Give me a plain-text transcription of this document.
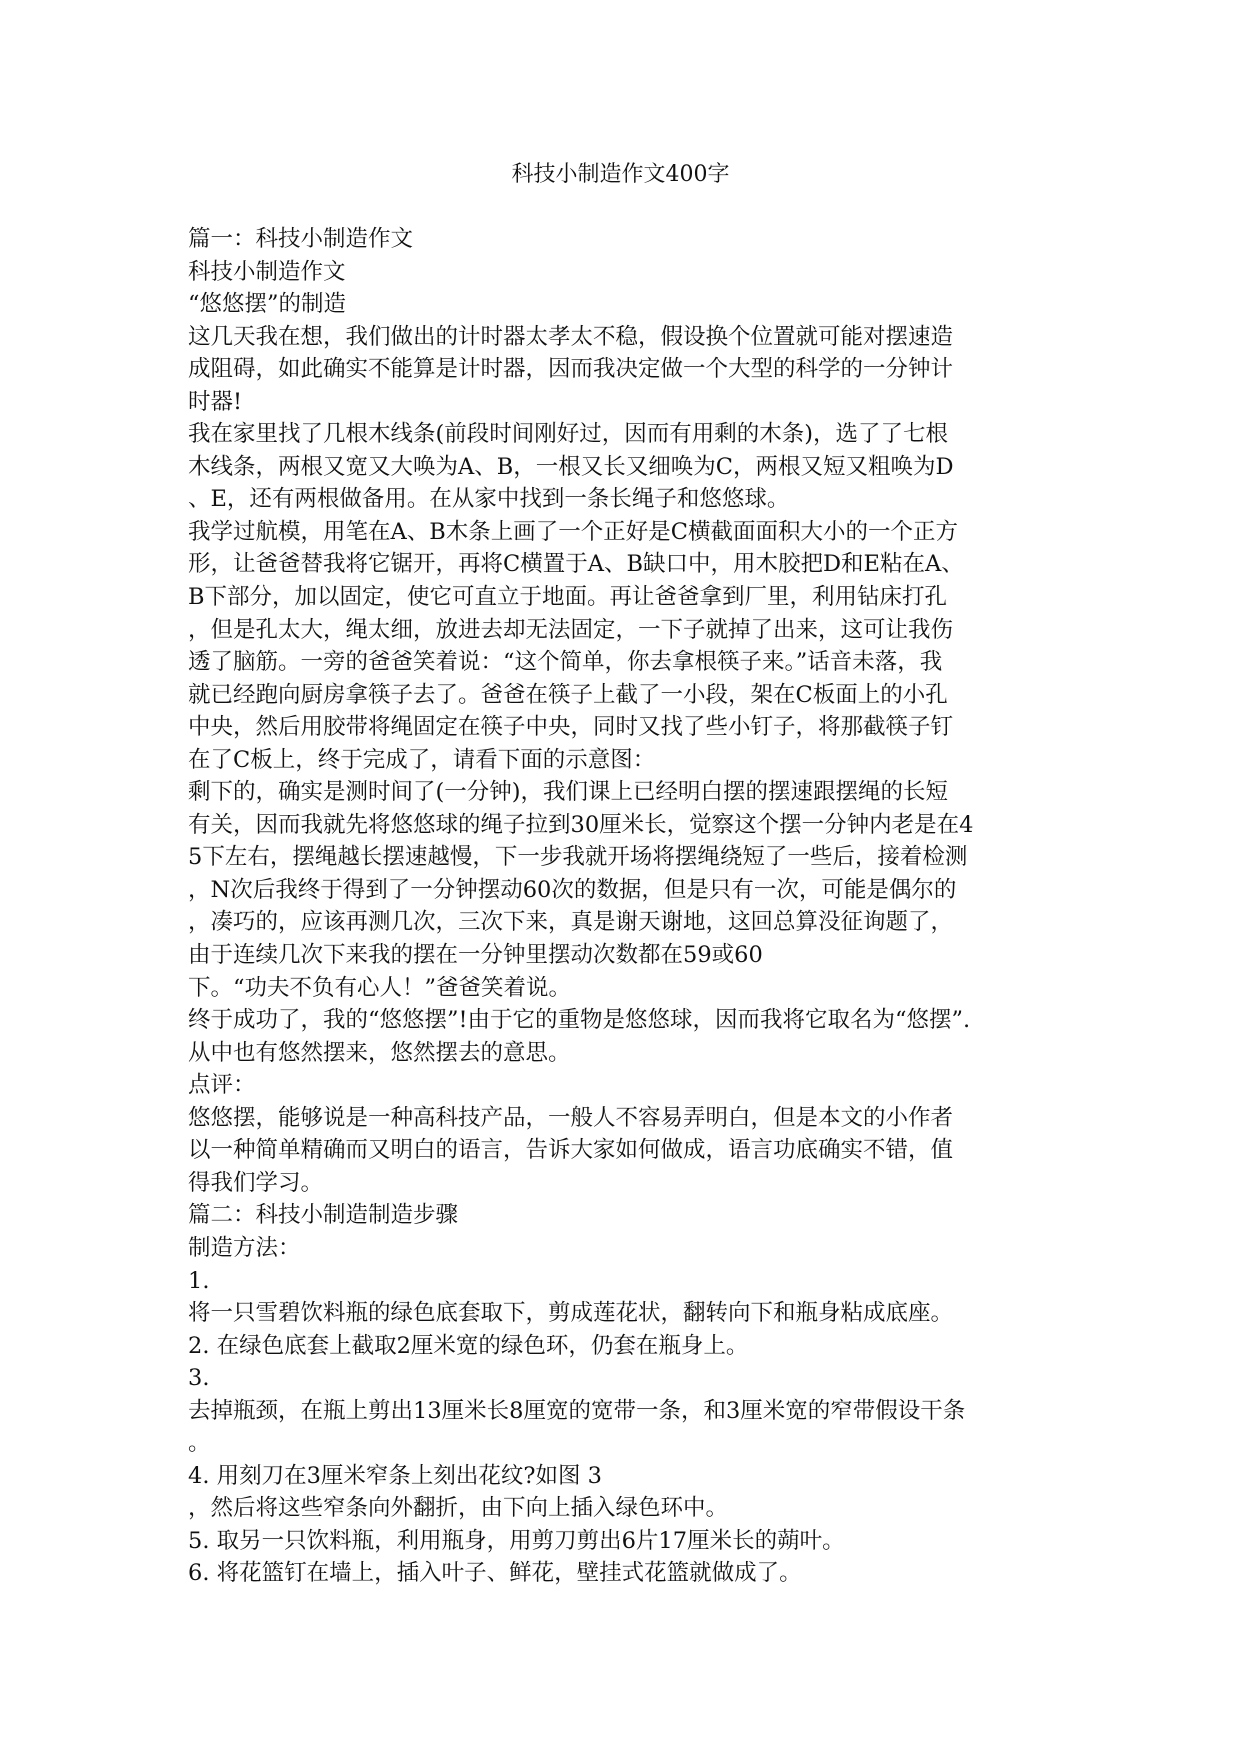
科技小制造作文400字
篇一：科技小制造作文
科技小制造作文
“悠悠摆”的制造
这几天我在想，我们做出的计时器太孝太不稳，假设换个位置就可能对摆速造
成阻碍，如此确实不能算是计时器，因而我决定做一个大型的科学的一分钟计
时器!
我在家里找了几根木线条(前段时间刚好过，因而有用剩的木条)，选了了七根
木线条，两根又宽又大唤为A、B，一根又长又细唤为C，两根又短又粗唤为D
、E，还有两根做备用。在从家中找到一条长绳子和悠悠球。
我学过航模，用笔在A、B木条上画了一个正好是C横截面面积大小的一个正方
形，让爸爸替我将它锯开，再将C横置于A、B缺口中，用木胶把D和E粘在A、
B下部分，加以固定，使它可直立于地面。再让爸爸拿到厂里，利用钻床打孔
，但是孔太大，绳太细，放进去却无法固定，一下子就掉了出来，这可让我伤
透了脑筋。一旁的爸爸笑着说：“这个简单，你去拿根筷子来。”话音未落，我
就已经跑向厨房拿筷子去了。爸爸在筷子上截了一小段，架在C板面上的小孔
中央，然后用胶带将绳固定在筷子中央，同时又找了些小钉子，将那截筷子钉
在了C板上，终于完成了，请看下面的示意图：
剩下的，确实是测时间了(一分钟)，我们课上已经明白摆的摆速跟摆绳的长短
有关，因而我就先将悠悠球的绳子拉到30厘米长，觉察这个摆一分钟内老是在4
5下左右，摆绳越长摆速越慢，下一步我就开场将摆绳绕短了一些后，接着检测
，N次后我终于得到了一分钟摆动60次的数据，但是只有一次，可能是偶尔的
，凑巧的，应该再测几次，三次下来，真是谢天谢地，这回总算没征询题了，
由于连续几次下来我的摆在一分钟里摆动次数都在59或60
下。“功夫不负有心人！”爸爸笑着说。
终于成功了，我的“悠悠摆”!由于它的重物是悠悠球，因而我将它取名为“悠摆”.
从中也有悠然摆来，悠然摆去的意思。
点评：
悠悠摆，能够说是一种高科技产品，一般人不容易弄明白，但是本文的小作者
以一种简单精确而又明白的语言，告诉大家如何做成，语言功底确实不错，值
得我们学习。
篇二：科技小制造制造步骤
制造方法：
1.
将一只雪碧饮料瓶的绿色底套取下，剪成莲花状，翻转向下和瓶身粘成底座。
2. 在绿色底套上截取2厘米宽的绿色环，仍套在瓶身上。
3.
去掉瓶颈，在瓶上剪出13厘米长8厘宽的宽带一条，和3厘米宽的窄带假设干条
。
4. 用刻刀在3厘米窄条上刻出花纹?如图 3
，然后将这些窄条向外翻折，由下向上插入绿色环中。
5. 取另一只饮料瓶，利用瓶身，用剪刀剪出6片17厘米长的蒴叶。
6. 将花篮钉在墙上，插入叶子、鲜花，壁挂式花篮就做成了。
